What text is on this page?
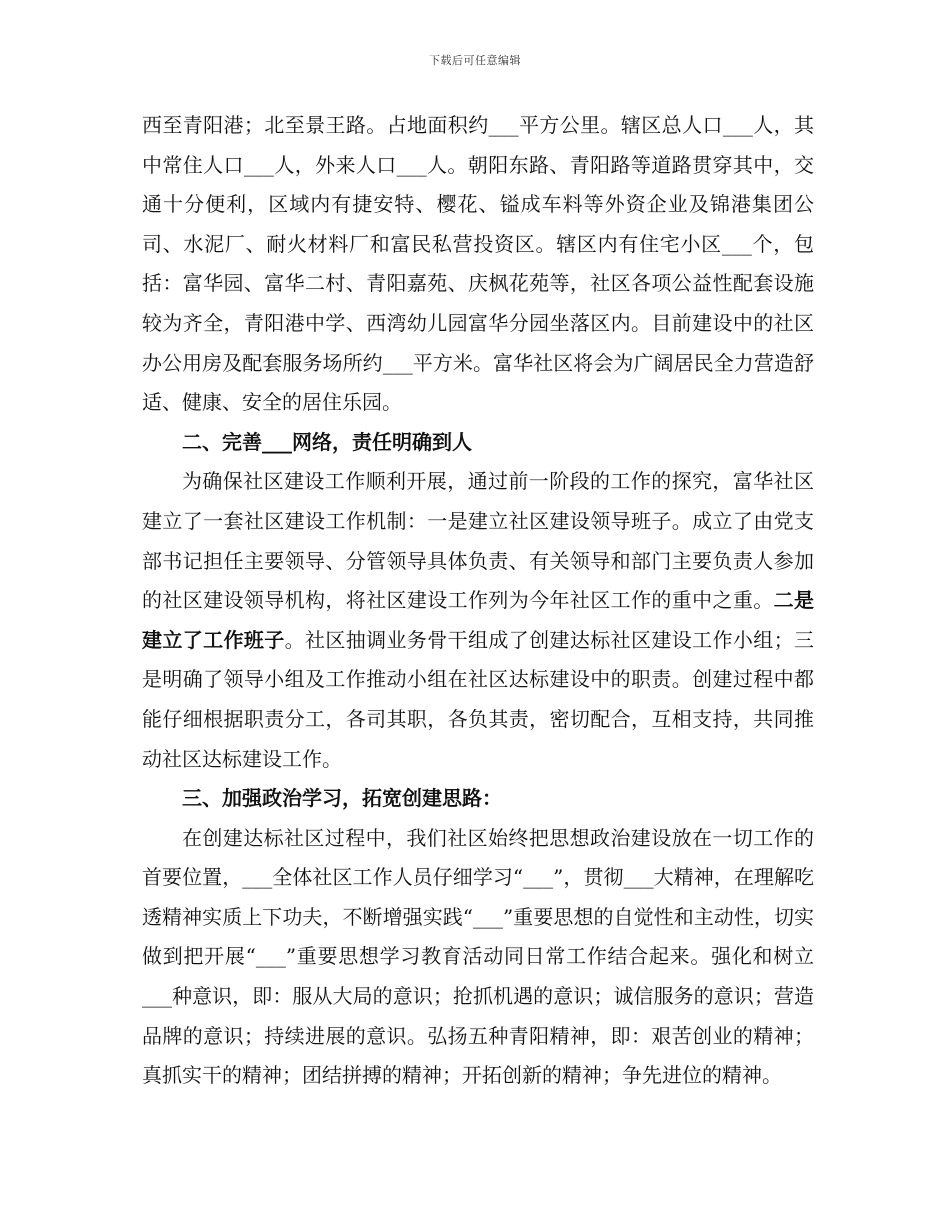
下载后可任意编辑

西至青阳港；北至景王路。占地面积约___平方公里。辖区总人口___人，其中常住人口___人，外来人口___人。朝阳东路、青阳路等道路贯穿其中，交通十分便利，区域内有捷安特、樱花、镒成车料等外资企业及锦港集团公司、水泥厂、耐火材料厂和富民私营投资区。辖区内有住宅小区___个，包括：富华园、富华二村、青阳嘉苑、庆枫花苑等，社区各项公益性配套设施较为齐全，青阳港中学、西湾幼儿园富华分园坐落区内。目前建设中的社区办公用房及配套服务场所约___平方米。富华社区将会为广阔居民全力营造舒适、健康、安全的居住乐园。

二、完善___网络，责任明确到人

为确保社区建设工作顺利开展，通过前一阶段的工作的探究，富华社区建立了一套社区建设工作机制：一是建立社区建设领导班子。成立了由党支部书记担任主要领导、分管领导具体负责、有关领导和部门主要负责人参加的社区建设领导机构，将社区建设工作列为今年社区工作的重中之重。二是建立了工作班子。社区抽调业务骨干组成了创建达标社区建设工作小组；三是明确了领导小组及工作推动小组在社区达标建设中的职责。创建过程中都能仔细根据职责分工，各司其职，各负其责，密切配合，互相支持，共同推动社区达标建设工作。

三、加强政治学习，拓宽创建思路：

在创建达标社区过程中，我们社区始终把思想政治建设放在一切工作的首要位置，___全体社区工作人员仔细学习“___”，贯彻___大精神，在理解吃透精神实质上下功夫，不断增强实践“___”重要思想的自觉性和主动性，切实做到把开展“___”重要思想学习教育活动同日常工作结合起来。强化和树立___种意识，即：服从大局的意识；抢抓机遇的意识；诚信服务的意识；营造品牌的意识；持续进展的意识。弘扬五种青阳精神，即：艰苦创业的精神；真抓实干的精神；团结拼搏的精神；开拓创新的精神；争先进位的精神。
